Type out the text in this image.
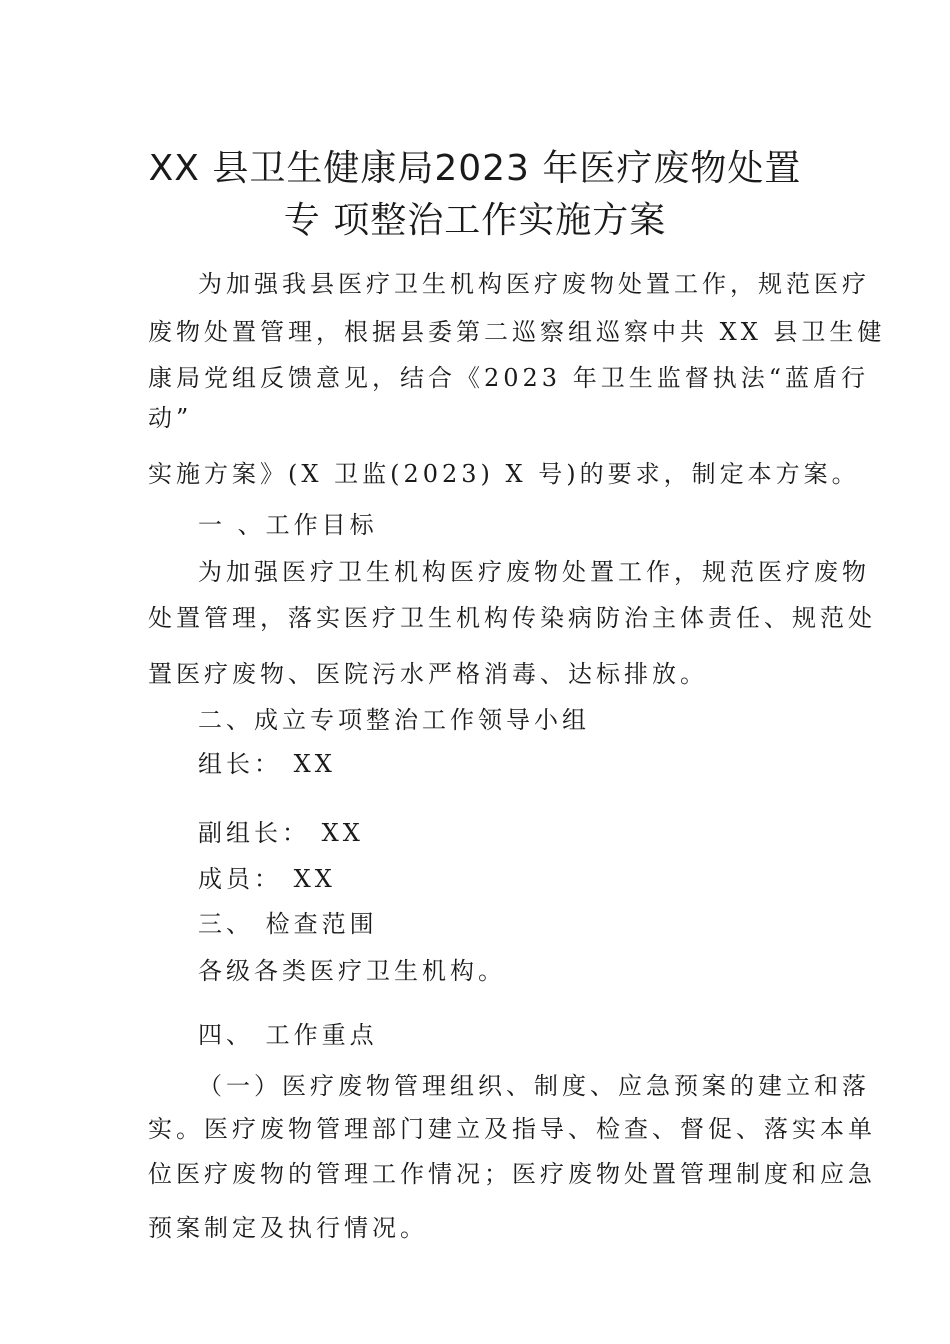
XX 县卫生健康局2023 年医疗废物处置
专 项整治工作实施方案

为加强我县医疗卫生机构医疗废物处置工作，规范医疗

废物处置管理，根据县委第二巡察组巡察中共 XX 县卫生健

康局党组反馈意见，结合《2023 年卫生监督执法“蓝盾行

动”

实施方案》(X 卫监(2023) X 号)的要求，制定本方案。

一 、工作目标

为加强医疗卫生机构医疗废物处置工作，规范医疗废物

处置管理，落实医疗卫生机构传染病防治主体责任、规范处

置医疗废物、医院污水严格消毒、达标排放。

二、成立专项整治工作领导小组

组长： XX

副组长： XX

成员： XX

三、 检查范围

各级各类医疗卫生机构。

四、 工作重点

（一）医疗废物管理组织、制度、应急预案的建立和落

实。医疗废物管理部门建立及指导、检查、督促、落实本单

位医疗废物的管理工作情况；医疗废物处置管理制度和应急

预案制定及执行情况。
